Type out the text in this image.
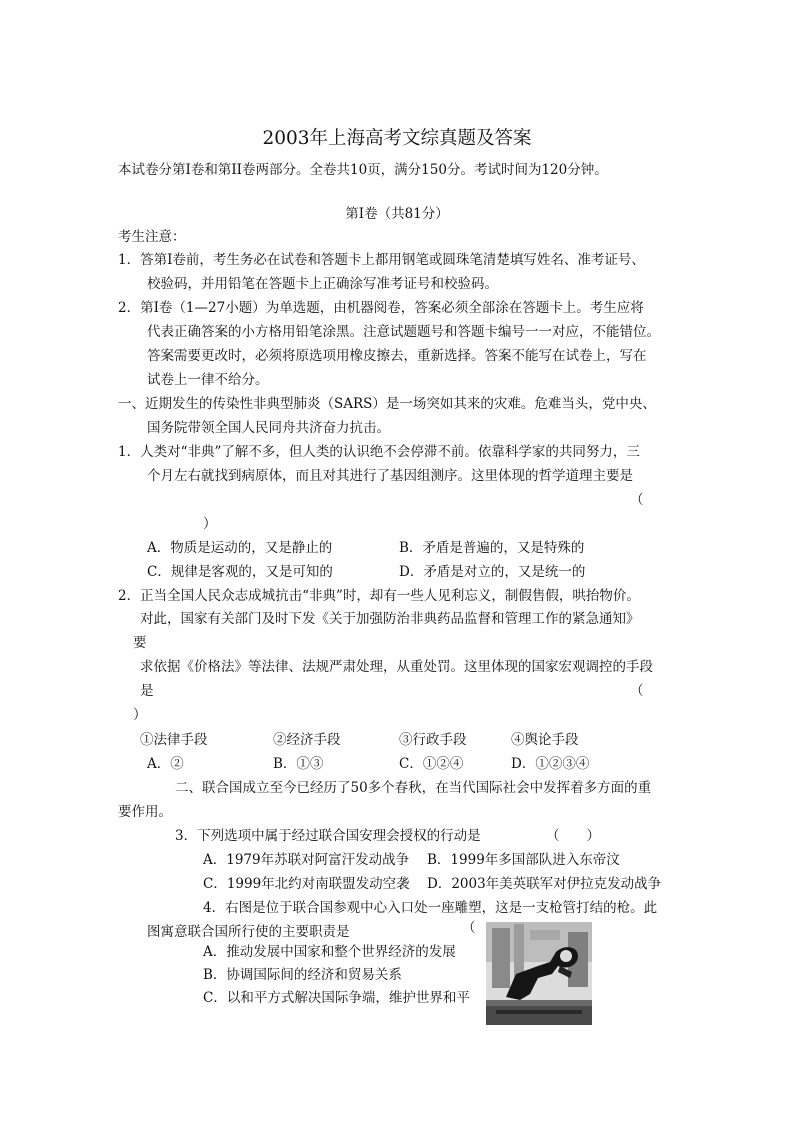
2003年上海高考文综真题及答案
本试卷分第Ⅰ卷和第II卷两部分。全卷共10页，满分150分。考试时间为120分钟。
第Ⅰ卷（共81分）
考生注意：
1．答第Ⅰ卷前，考生务必在试卷和答题卡上都用钢笔或圆珠笔清楚填写姓名、准考证号、
校验码，并用铅笔在答题卡上正确涂写准考证号和校验码。
2．第Ⅰ卷（1—27小题）为单选题，由机器阅卷，答案必须全部涂在答题卡上。考生应将
代表正确答案的小方格用铅笔涂黑。注意试题题号和答题卡编号一一对应，不能错位。
答案需要更改时，必须将原选项用橡皮擦去，重新选择。答案不能写在试卷上，写在
试卷上一律不给分。
一、近期发生的传染性非典型肺炎（SARS）是一场突如其来的灾难。危难当头，党中央、
国务院带领全国人民同舟共济奋力抗击。
1．人类对“非典”了解不多，但人类的认识绝不会停滞不前。依靠科学家的共同努力，三
个月左右就找到病原体，而且对其进行了基因组测序。这里体现的哲学道理主要是
（
）
A．物质是运动的，又是静止的	B．矛盾是普遍的，又是特殊的
C．规律是客观的，又是可知的	D．矛盾是对立的，又是统一的
2．正当全国人民众志成城抗击“非典”时，却有一些人见利忘义，制假售假，哄抬物价。
对此，国家有关部门及时下发《关于加强防治非典药品监督和管理工作的紧急通知》
要
求依据《价格法》等法律、法规严肃处理，从重处罚。这里体现的国家宏观调控的手段
是	（
）
①法律手段	②经济手段	③行政手段	④舆论手段
A．②	B．①③	C．①②④	D．①②③④
二、联合国成立至今已经历了50多个春秋，在当代国际社会中发挥着多方面的重
要作用。
3．下列选项中属于经过联合国安理会授权的行动是	（　　）
A．1979年苏联对阿富汗发动战争 B．1999年多国部队进入东帝汶
C．1999年北约对南联盟发动空袭 D．2003年美英联军对伊拉克发动战争
4．右图是位于联合国参观中心入口处一座雕塑，这是一支枪管打结的枪。此
图寓意联合国所行使的主要职责是	（
A．推动发展中国家和整个世界经济的发展
B．协调国际间的经济和贸易关系
C．以和平方式解决国际争端，维护世界和平
